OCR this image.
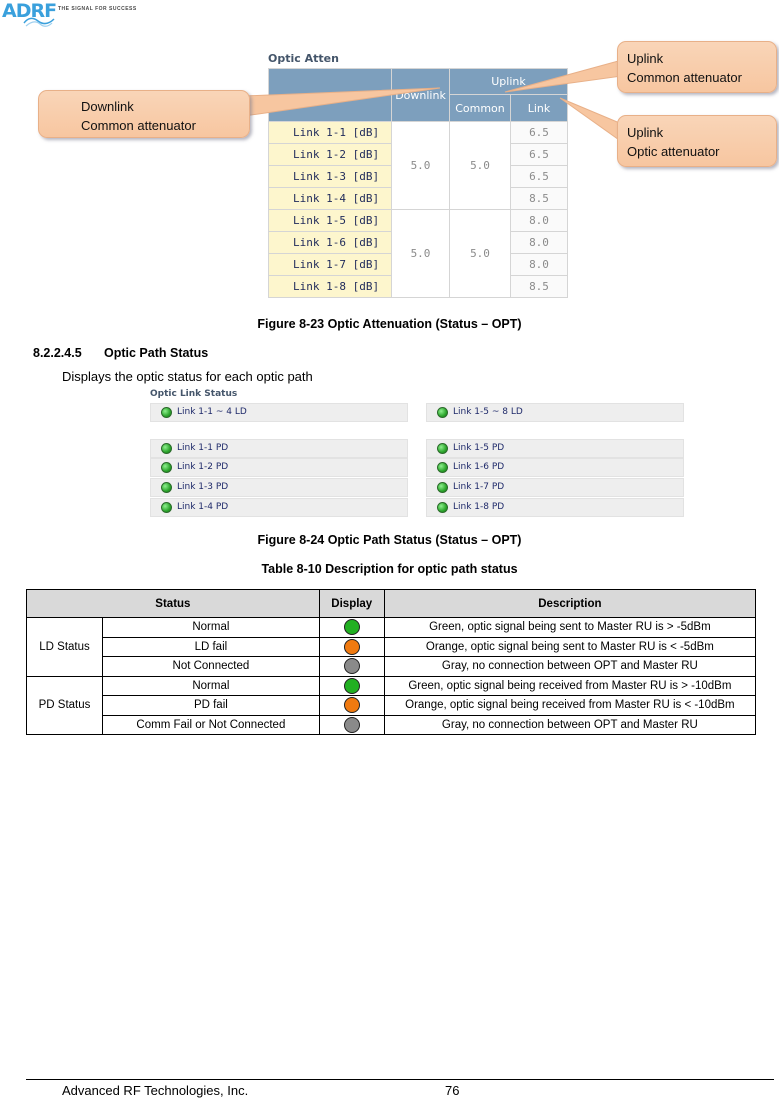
ADRF THE SIGNAL FOR SUCCESS
Optic Atten
	Downlink	Uplink	
		Common	Link
Link 1-1 [dB]	5.0	5.0	6.5
Link 1-2 [dB]			6.5
Link 1-3 [dB]			6.5
Link 1-4 [dB]			8.5
Link 1-5 [dB]	5.0	5.0	8.0
Link 1-6 [dB]			8.0
Link 1-7 [dB]			8.0
Link 1-8 [dB]			8.5
Downlink
Common attenuator
Uplink
Common attenuator
Uplink
Optic attenuator
Figure 8-23 Optic Attenuation (Status – OPT)
8.2.2.4.5 Optic Path Status
Displays the optic status for each optic path
Optic Link Status
Link 1-1 ~ 4 LD	Link 1-5 ~ 8 LD
Link 1-1 PD
Link 1-2 PD
Link 1-3 PD
Link 1-4 PD
Link 1-5 PD
Link 1-6 PD
Link 1-7 PD
Link 1-8 PD
Figure 8-24 Optic Path Status (Status – OPT)
Table 8-10 Description for optic path status
Status		Display	Description
LD Status	Normal		Green, optic signal being sent to Master RU is > -5dBm
	LD fail		Orange, optic signal being sent to Master RU is < -5dBm
	Not Connected		Gray, no connection between OPT and Master RU
PD Status	Normal		Green, optic signal being received from Master RU is > -10dBm
	PD fail		Orange, optic signal being received from Master RU is < -10dBm
	Comm Fail or Not Connected		Gray, no connection between OPT and Master RU
Advanced RF Technologies, Inc.	76
